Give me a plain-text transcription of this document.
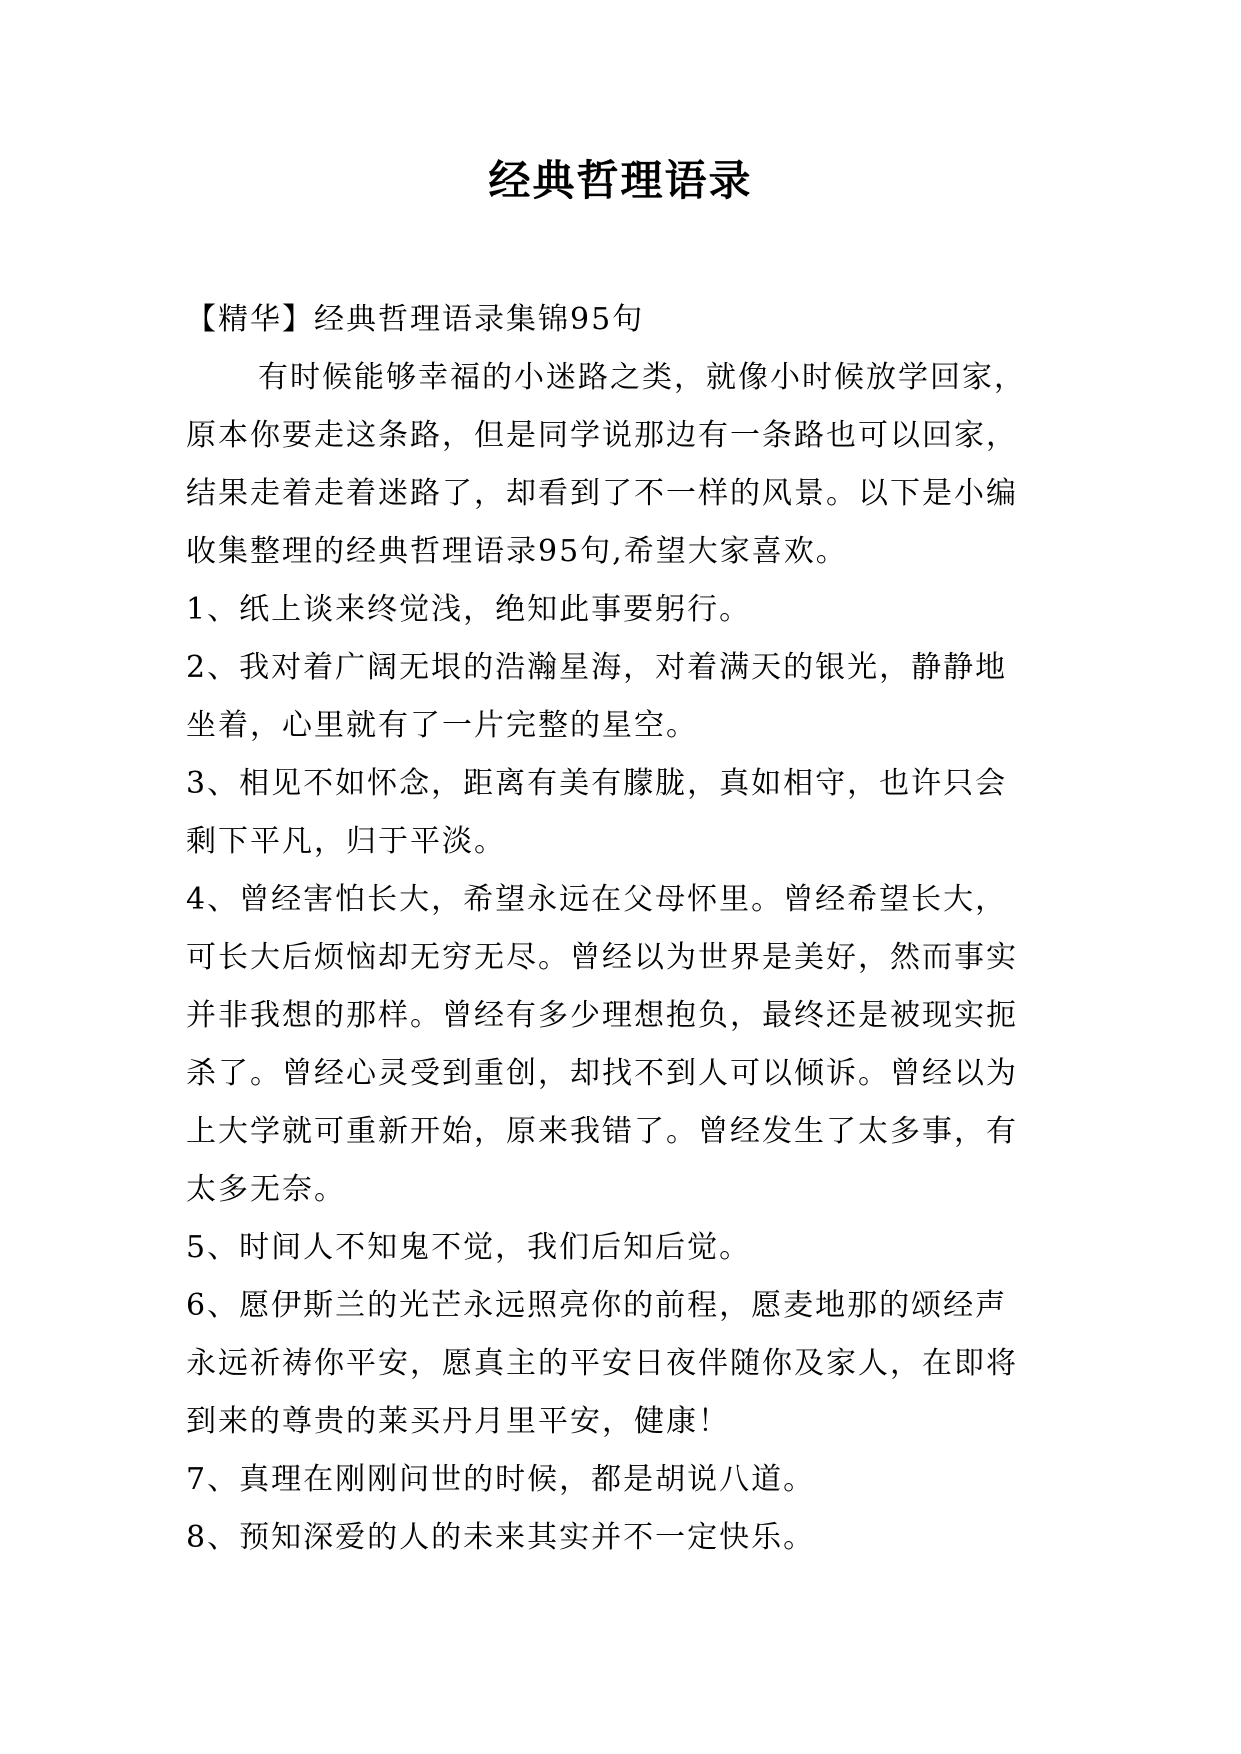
经典哲理语录
【精华】经典哲理语录集锦95句
有时候能够幸福的小迷路之类，就像小时候放学回家，
原本你要走这条路，但是同学说那边有一条路也可以回家，
结果走着走着迷路了，却看到了不一样的风景。以下是小编
收集整理的经典哲理语录95句,希望大家喜欢。
1、纸上谈来终觉浅，绝知此事要躬行。
2、我对着广阔无垠的浩瀚星海，对着满天的银光，静静地
坐着，心里就有了一片完整的星空。
3、相见不如怀念，距离有美有朦胧，真如相守，也许只会
剩下平凡，归于平淡。
4、曾经害怕长大，希望永远在父母怀里。曾经希望长大，
可长大后烦恼却无穷无尽。曾经以为世界是美好，然而事实
并非我想的那样。曾经有多少理想抱负，最终还是被现实扼
杀了。曾经心灵受到重创，却找不到人可以倾诉。曾经以为
上大学就可重新开始，原来我错了。曾经发生了太多事，有
太多无奈。
5、时间人不知鬼不觉，我们后知后觉。
6、愿伊斯兰的光芒永远照亮你的前程，愿麦地那的颂经声
永远祈祷你平安，愿真主的平安日夜伴随你及家人，在即将
到来的尊贵的莱买丹月里平安，健康！
7、真理在刚刚问世的时候，都是胡说八道。
8、预知深爱的人的未来其实并不一定快乐。
